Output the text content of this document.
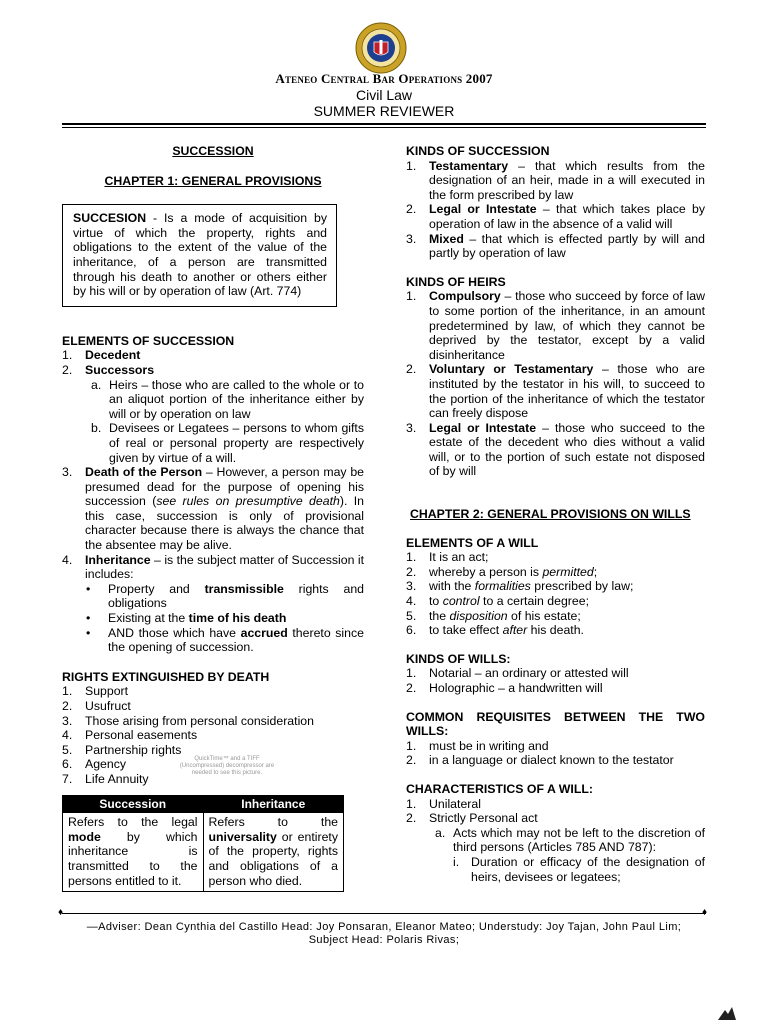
Ateneo Central Bar Operations 2007
Civil Law
SUMMER REVIEWER
SUCCESSION
CHAPTER 1: GENERAL PROVISIONS
SUCCESION - Is a mode of acquisition by virtue of which the property, rights and obligations to the extent of the value of the inheritance, of a person are transmitted through his death to another or others either by his will or by operation of law (Art. 774)
ELEMENTS OF SUCCESSION
1.	Decedent
2.	Successors
a. Heirs – those who are called to the whole or to an aliquot portion of the inheritance either by will or by operation on law
b. Devisees or Legatees – persons to whom gifts of real or personal property are respectively given by virtue of a will.
3.	Death of the Person – However, a person may be presumed dead for the purpose of opening his succession (see rules on presumptive death). In this case, succession is only of provisional character because there is always the chance that the absentee may be alive.
4.	Inheritance – is the subject matter of Succession it includes:
•	Property and transmissible rights and obligations
•	Existing at the time of his death
•	AND those which have accrued thereto since the opening of succession.
RIGHTS EXTINGUISHED BY DEATH
1.	Support
2.	Usufruct
3.	Those arising from personal consideration
4.	Personal easements
5.	Partnership rights
6.	Agency
7.	Life Annuity
QuickTime™ and a TIFF (Uncompressed) decompressor are needed to see this picture.
Succession	Inheritance
Refers to the legal mode by which inheritance is transmitted to the persons entitled to it.	Refers to the universality or entirety of the property, rights and obligations of a person who died.
KINDS OF SUCCESSION
1.	Testamentary – that which results from the designation of an heir, made in a will executed in the form prescribed by law
2.	Legal or Intestate – that which takes place by operation of law in the absence of a valid will
3.	Mixed – that which is effected partly by will and partly by operation of law
KINDS OF HEIRS
1.	Compulsory – those who succeed by force of law to some portion of the inheritance, in an amount predetermined by law, of which they cannot be deprived by the testator, except by a valid disinheritance
2.	Voluntary or Testamentary – those who are instituted by the testator in his will, to succeed to the portion of the inheritance of which the testator can freely dispose
3.	Legal or Intestate – those who succeed to the estate of the decedent who dies without a valid will, or to the portion of such estate not disposed of by will
CHAPTER 2: GENERAL PROVISIONS ON WILLS
ELEMENTS OF A WILL
1.	It is an act;
2.	whereby a person is permitted;
3.	with the formalities prescribed by law;
4.	to control to a certain degree;
5.	the disposition of his estate;
6.	to take effect after his death.
KINDS OF WILLS:
1.	Notarial – an ordinary or attested will
2.	Holographic – a handwritten will
COMMON REQUISITES BETWEEN THE TWO WILLS:
1.	must be in writing and
2.	in a language or dialect known to the testator
CHARACTERISTICS OF A WILL:
1.	Unilateral
2.	Strictly Personal act
a. Acts which may not be left to the discretion of third persons (Articles 785 AND 787):
i. Duration or efficacy of the designation of heirs, devisees or legatees;
♦	♦
—Adviser: Dean Cynthia del Castillo Head: Joy Ponsaran, Eleanor Mateo; Understudy: Joy Tajan, John Paul Lim;
Subject Head: Polaris Rivas;
